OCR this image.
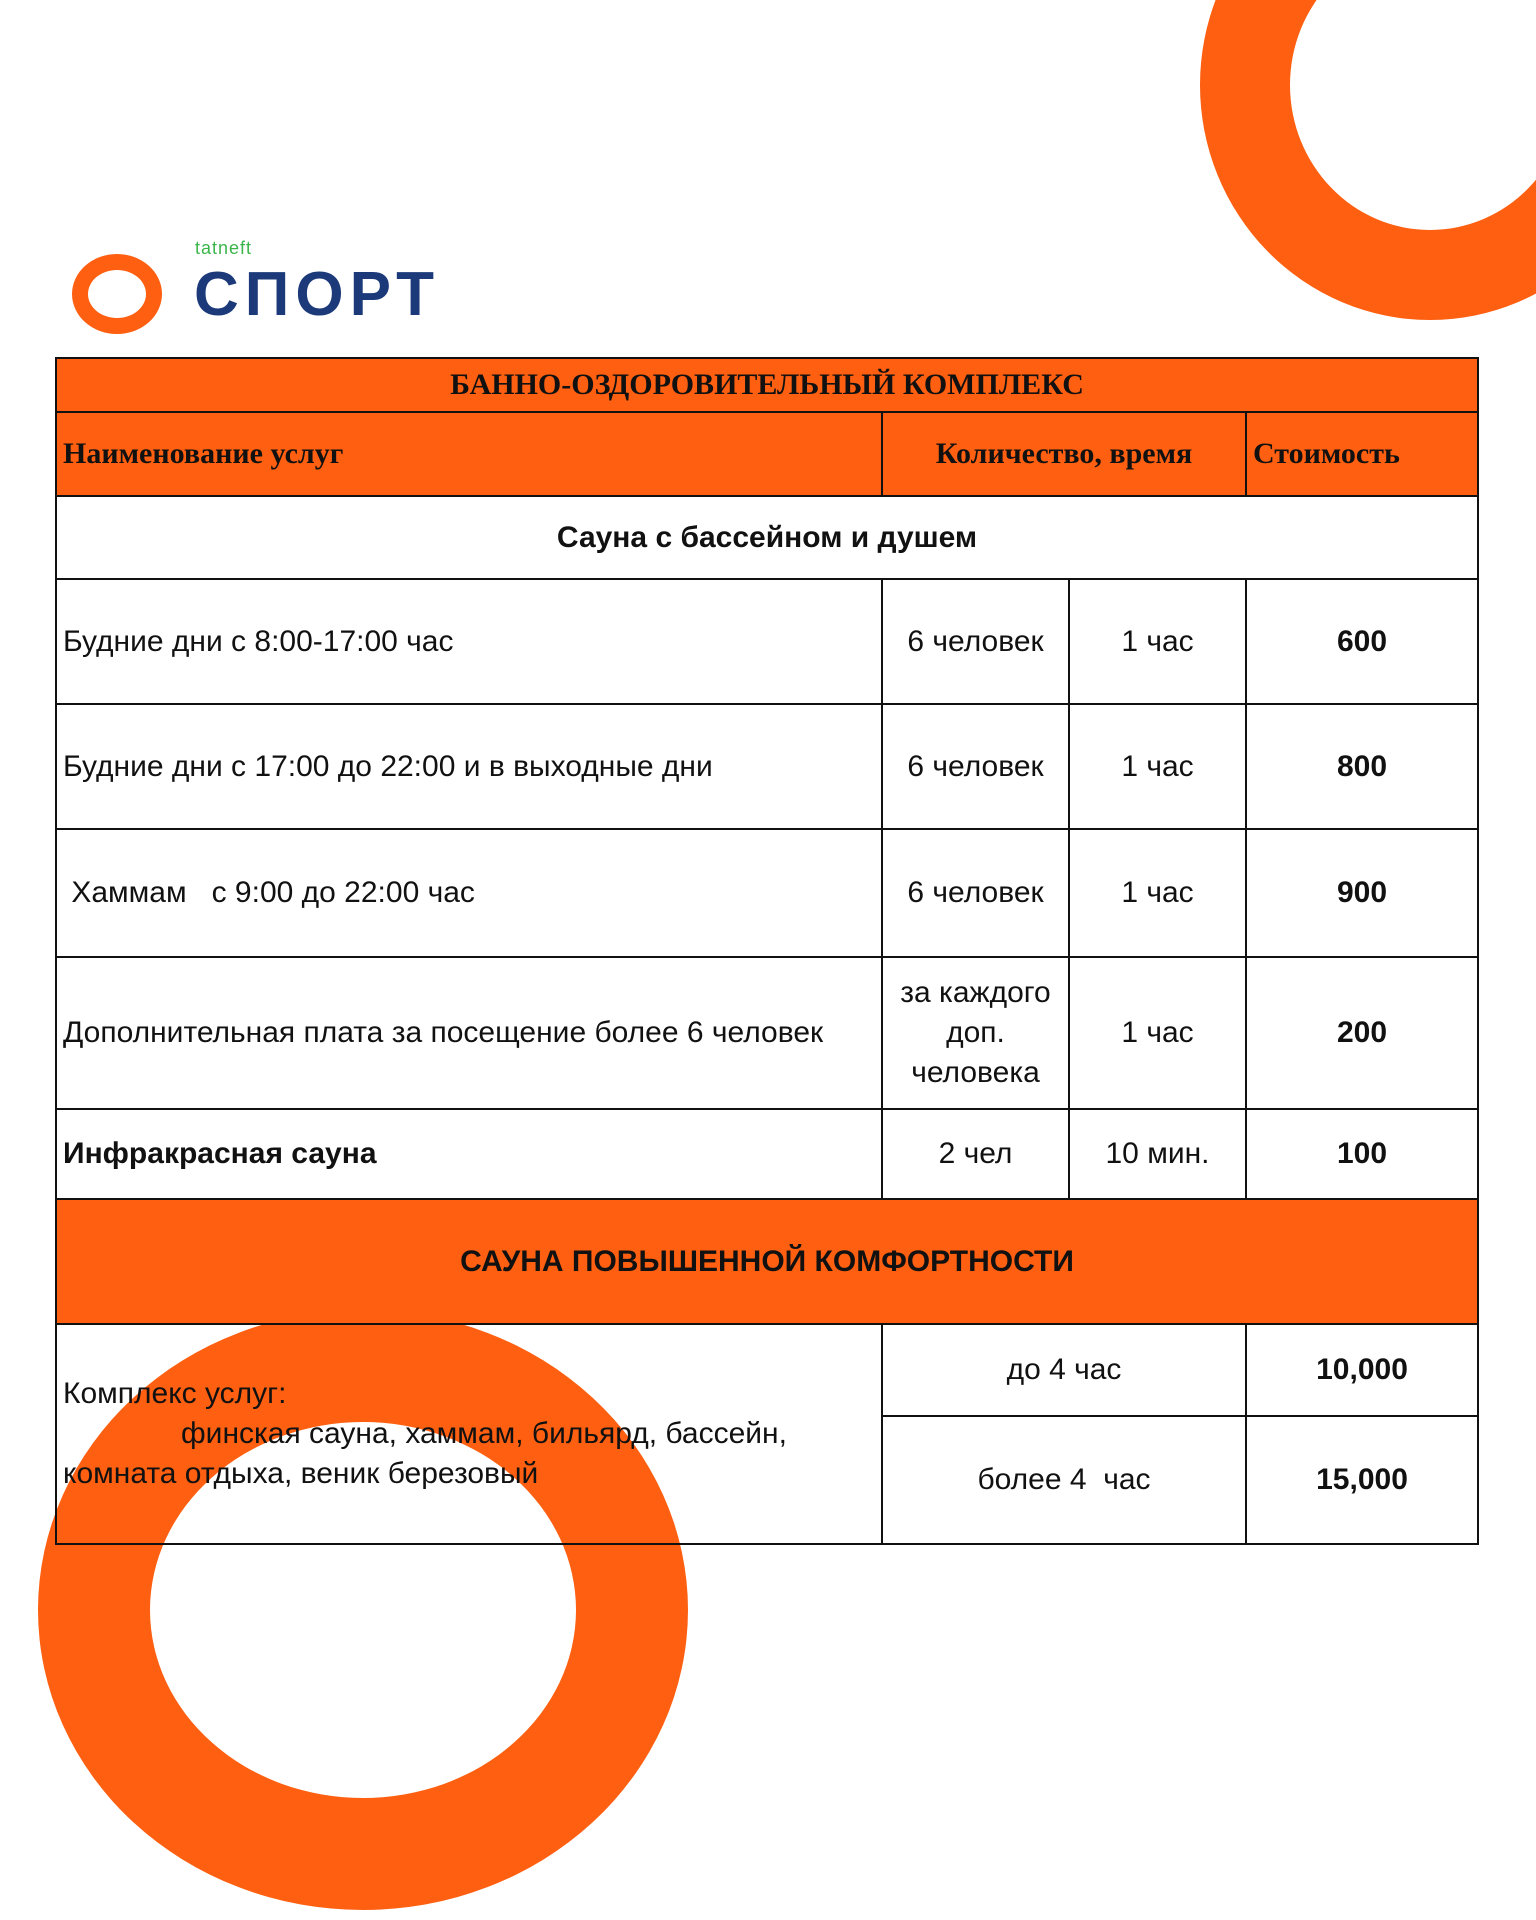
tatneft
СПОРТ
БАННО-ОЗДОРОВИТЕЛЬНЫЙ КОМПЛЕКС			
Наименование услуг	Количество, время		Стоимость
Сауна с бассейном и душем			
Будние дни с 8:00-17:00 час	6 человек	1 час	600
Будние дни с 17:00 до 22:00 и в выходные дни	6 человек	1 час	800
Хаммам   с 9:00 до 22:00 час	6 человек	1 час	900
Дополнительная плата за посещение более 6 человек	за каждого доп. человека	1 час	200
Инфракрасная сауна	2 чел	10 мин.	100
САУНА ПОВЫШЕННОЙ КОМФОРТНОСТИ			

Комплекс услуг:
финская сауна, хаммам, бильярд, бассейн,
комната отдыха, веник березовый	до 4 час		10,000
	более 4  час		15,000
